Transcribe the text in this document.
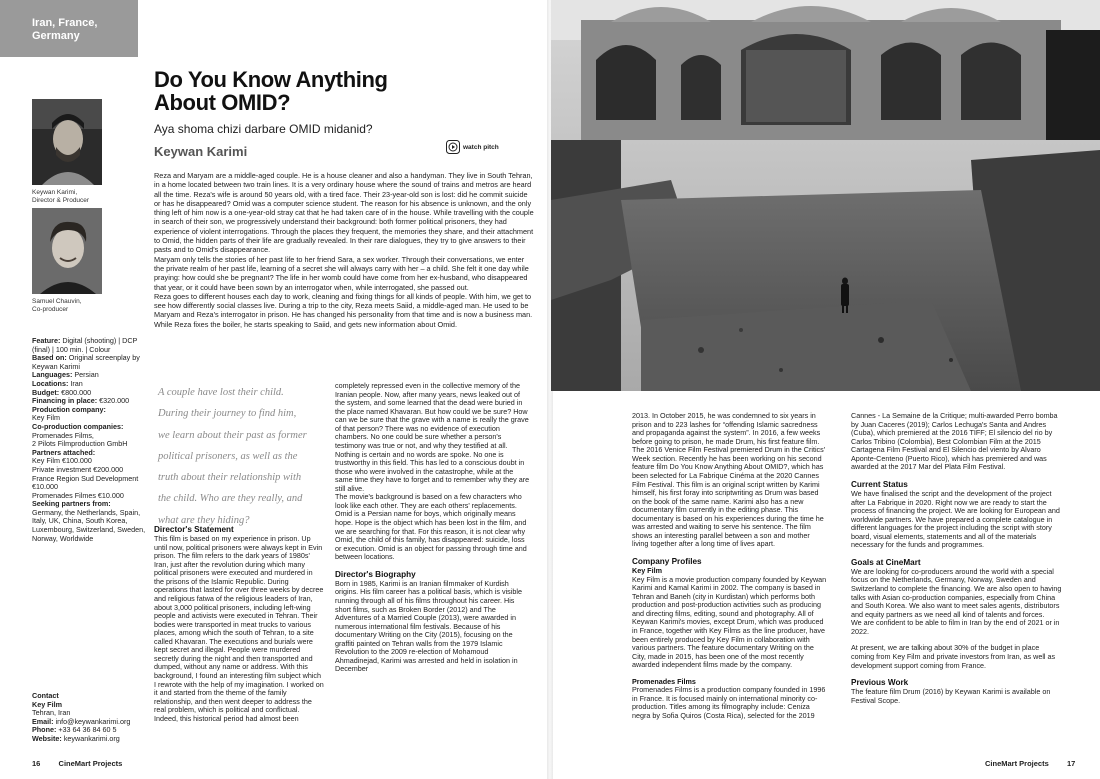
Iran, France,
Germany
Keywan Karimi,
Director & Producer
Samuel Chauvin,
Co-producer
Do You Know Anything
About OMID?
Aya shoma chizi darbare OMID midanid?
Keywan Karimi	watch pitch

Reza and Maryam are a middle-aged couple. He is a house cleaner and also a handyman. They live in South Tehran, in a home located between two train lines. It is a very ordinary house where the sound of trains and metros are heard all the time. Reza's wife is around 50 years old, with a tired face. Their 23-year-old son is lost: did he commit suicide or has he disappeared? Omid was a computer science student. The reason for his absence is unknown, and the only thing left of him now is a one-year-old stray cat that he had taken care of in the house. While travelling with the couple in search of their son, we progressively understand their background: both former political prisoners, they had experience of violent interrogations. Through the places they frequent, the memories they share, and their attachment to Omid, the hidden parts of their life are gradually revealed. In their rare dialogues, they try to give answers to their pasts and to Omid's disappearance.

Maryam only tells the stories of her past life to her friend Sara, a sex worker. Through their conversations, we enter the private realm of her past life, learning of a secret she will always carry with her – a child. She felt it one day while praying: how could she be pregnant? The life in her womb could have come from her ex-husband, who disappeared that year, or it could have been sown by an interrogator when, while interrogated, she passed out.

Reza goes to different houses each day to work, cleaning and fixing things for all kinds of people. With him, we get to see how differently social classes live. During a trip to the city, Reza meets Saiid, a middle-aged man. He used to be Maryam and Reza's interrogator in prison. He has changed his personality from that time and is now a business man.

While Reza fixes the boiler, he starts speaking to Saiid, and gets new information about Omid.

Feature: Digital (shooting) | DCP (final) | 100 min. | Colour
Based on: Original screenplay by Keywan Karimi
Languages: Persian
Locations: Iran
Budget: €800.000
Financing in place: €320.000
Production company:
Key Film
Co-production companies:
Promenades Films,
2 Pilots Filmproduction GmbH
Partners attached:
Key Film €100.000
Private investment €200.000
France Region Sud Development €10.000
Promenades Filmes €10.000
Seeking partners from:
Germany, the Netherlands, Spain, Italy, UK, China, South Korea, Luxembourg, Switzerland, Sweden, Norway, Worldwide
Contact
Key Film
Tehran, Iran
Email: info@keywankarimi.org
Phone: +33 64 36 84 60 5
Website: keywankarimi.org
A couple have lost their child.
During their journey to find him,
we learn about their past as former
political prisoners, as well as the
truth about their relationship with
the child. Who are they really, and
what are they hiding?
Director's Statement

This film is based on my experience in prison. Up until now, political prisoners were always kept in Evin prison. The film refers to the dark years of 1980s' Iran, just after the revolution during which many political prisoners were executed and murdered in the prisons of the Islamic Republic. During operations that lasted for over three weeks by decree and religious fatwa of the religious leaders of Iran, about 3,000 political prisoners, including left-wing people and activists were executed in Tehran. Their bodies were transported in meat trucks to various places, among which the south of Tehran, to a site called Khavaran. The executions and burials were kept secret and illegal. People were murdered secretly during the night and then transported and dumped, without any name or address. With this background, I found an interesting film subject which I rewrote with the help of my imagination. I worked on it and started from the theme of the family relationship, and then went deeper to address the real problem, which is political and conflictual. Indeed, this historical period had almost been

completely repressed even in the collective memory of the Iranian people. Now, after many years, news leaked out of the system, and some learned that the dead were buried in the place named Khavaran. But how could we be sure? How can we be sure that the grave with a name is really the grave of that person? There was no evidence of execution chambers. No one could be sure whether a person's testimony was true or not, and why they testified at all. Nothing is certain and no words are spoke. No one is trustworthy in this field. This has led to a conscious doubt in those who were involved in the catastrophe, while at the same time they have to forget and to remember why they are still alive.

The movie's background is based on a few characters who look like each other. They are each others' replacements. Omid is a Persian name for boys, which originally means hope. Hope is the object which has been lost in the film, and we are searching for that. For this reason, it is not clear why Omid, the child of this family, has disappeared: suicide, loss or execution. Omid is an object for passing through time and between locations.

Director's Biography

Born in 1985, Karimi is an Iranian filmmaker of Kurdish origins. His film career has a political basis, which is visible running through all of his films throughout his career. His short films, such as Broken Border (2012) and The Adventures of a Married Couple (2013), were awarded in numerous international film festivals. Because of his documentary Writing on the City (2015), focusing on the graffiti painted on Tehran walls from the 1979 Islamic Revolution to the 2009 re-election of Mohamoud Ahmadinejad, Karimi was arrested and held in isolation in December

16 CineMart Projects

2013. In October 2015, he was condemned to six years in prison and to 223 lashes for “offending Islamic sacredness and propaganda against the system”. In 2016, a few weeks before going to prison, he made Drum, his first feature film. The 2016 Venice Film Festival premiered Drum in the Critics' Week section. Recently he has been working on his second feature film Do You Know Anything About OMID?, which has been selected for La Fabrique Cinéma at the 2020 Cannes Film Festival. This film is an original script written by Karimi himself, his first foray into scriptwriting as Drum was based on the book of the same name. Karimi also has a new documentary film currently in the editing phase. This documentary is based on his experiences during the time he was arrested and waiting to serve his sentence. The film shows an interesting parallel between a son and mother living together after a long time of lives apart.

Company Profiles
Key Film

Key Film is a movie production company founded by Keywan Karimi and Kamal Karimi in 2002. The company is based in Tehran and Baneh (city in Kurdistan) which performs both production and post-production activities such as producing and directing films, editing, sound and photography. All of Keywan Karimi's movies, except Drum, which was produced in France, together with Key Films as the line producer, have been entirely produced by Key Film in collaboration with various partners. The feature documentary Writing on the City, made in 2015, has been one of the most recently awarded independent films made by the company.

Promenades Films

Promenades Films is a production company founded in 1996 in France. It is focused mainly on international minority co-production. Titles among its filmography include: Ceniza negra by Sofia Quiros (Costa Rica), selected for the 2019

Cannes - La Semaine de la Critique; multi-awarded Perro bomba by Juan Caceres (2019); Carlos Lechuga's Santa and Andres (Cuba), which premiered at the 2016 TIFF; El silencio del rio by Carlos Tribino (Colombia), Best Colombian Film at the 2015 Cartagena Film Festival and El Silencio del viento by Alvaro Aponte-Centeno (Puerto Rico), which has premiered and was awarded at the 2017 Mar del Plata Film Festival.

Current Status

We have finalised the script and the development of the project after La Fabrique in 2020. Right now we are ready to start the process of financing the project. We are looking for European and worldwide partners. We have prepared a complete catalogue in different languages for the project including the script with story board, visual elements, statements and all of the materials necessary for the funds and programmes.

Goals at CineMart

We are looking for co-producers around the world with a special focus on the Netherlands, Germany, Norway, Sweden and Switzerland to complete the financing. We are also open to having talks with Asian co-production companies, especially from China and South Korea. We also want to meet sales agents, distributors and equity partners as we need all kind of talents and forces.

We are confident to be able to film in Iran by the end of 2021 or in 2022.

At present, we are talking about 30% of the budget in place coming from Key Film and private investors from Iran, as well as development support coming from France.

Previous Work

The feature film Drum (2016) by Keywan Karimi is available on Festival Scope.

CineMart Projects 17
